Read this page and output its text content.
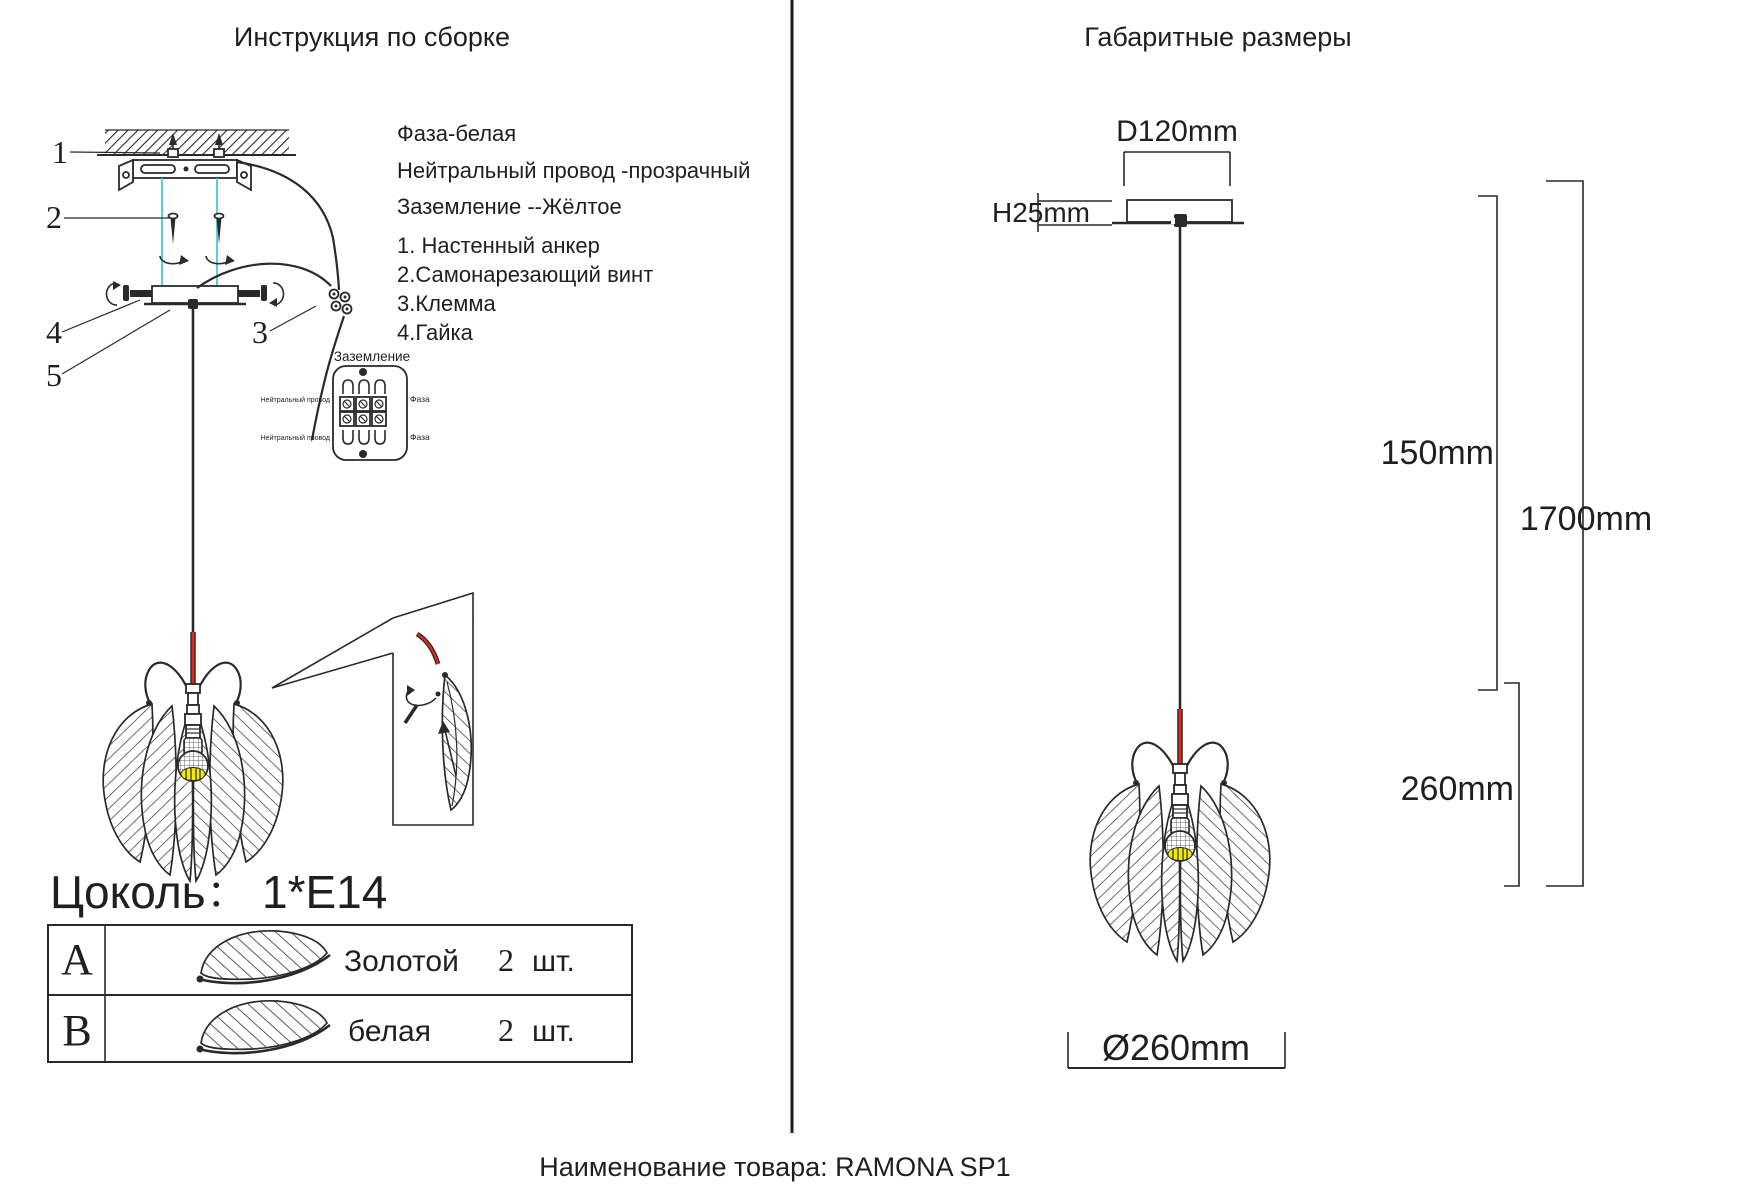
Инструкция по сборке
1
2
4
5
3
Заземление
Нейтральный провод
Нейтральный провод
Фаза
Фаза
Фаза-белая
Нейтральный провод -прозрачный
Заземление --Жёлтое
1. Настенный анкер
2.Самонарезающий винт
3.Клемма
4.Гайка
Цоколь： 1*E14
A	Золотой 2 шт.
B	белая 2 шт.
Габаритные размеры
D120mm
H25mm
150mm
1700mm
260mm
Ø260mm
Наименование товара: RAMONA SP1
